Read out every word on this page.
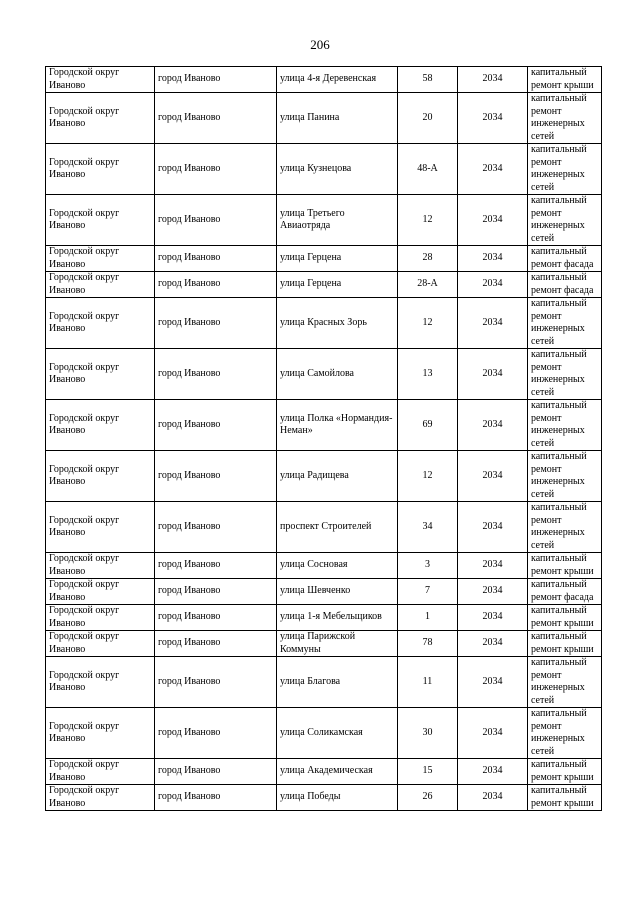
206
Городской округ Иваново	город Иваново	улица 4-я Деревенская	58	2034	капитальный ремонт крыши
Городской округ Иваново	город Иваново	улица Панина	20	2034	капитальный ремонт инженерных сетей
Городской округ Иваново	город Иваново	улица Кузнецова	48-А	2034	капитальный ремонт инженерных сетей
Городской округ Иваново	город Иваново	улица Третьего Авиаотряда	12	2034	капитальный ремонт инженерных сетей
Городской округ Иваново	город Иваново	улица Герцена	28	2034	капитальный ремонт фасада
Городской округ Иваново	город Иваново	улица Герцена	28-А	2034	капитальный ремонт фасада
Городской округ Иваново	город Иваново	улица Красных Зорь	12	2034	капитальный ремонт инженерных сетей
Городской округ Иваново	город Иваново	улица Самойлова	13	2034	капитальный ремонт инженерных сетей
Городской округ Иваново	город Иваново	улица Полка «Нормандия-Неман»	69	2034	капитальный ремонт инженерных сетей
Городской округ Иваново	город Иваново	улица Радищева	12	2034	капитальный ремонт инженерных сетей
Городской округ Иваново	город Иваново	проспект Строителей	34	2034	капитальный ремонт инженерных сетей
Городской округ Иваново	город Иваново	улица Сосновая	3	2034	капитальный ремонт крыши
Городской округ Иваново	город Иваново	улица Шевченко	7	2034	капитальный ремонт фасада
Городской округ Иваново	город Иваново	улица 1-я Мебельщиков	1	2034	капитальный ремонт крыши
Городской округ Иваново	город Иваново	улица Парижской Коммуны	78	2034	капитальный ремонт крыши
Городской округ Иваново	город Иваново	улица Благова	11	2034	капитальный ремонт инженерных сетей
Городской округ Иваново	город Иваново	улица Соликамская	30	2034	капитальный ремонт инженерных сетей
Городской округ Иваново	город Иваново	улица Академическая	15	2034	капитальный ремонт крыши
Городской округ Иваново	город Иваново	улица Победы	26	2034	капитальный ремонт крыши
